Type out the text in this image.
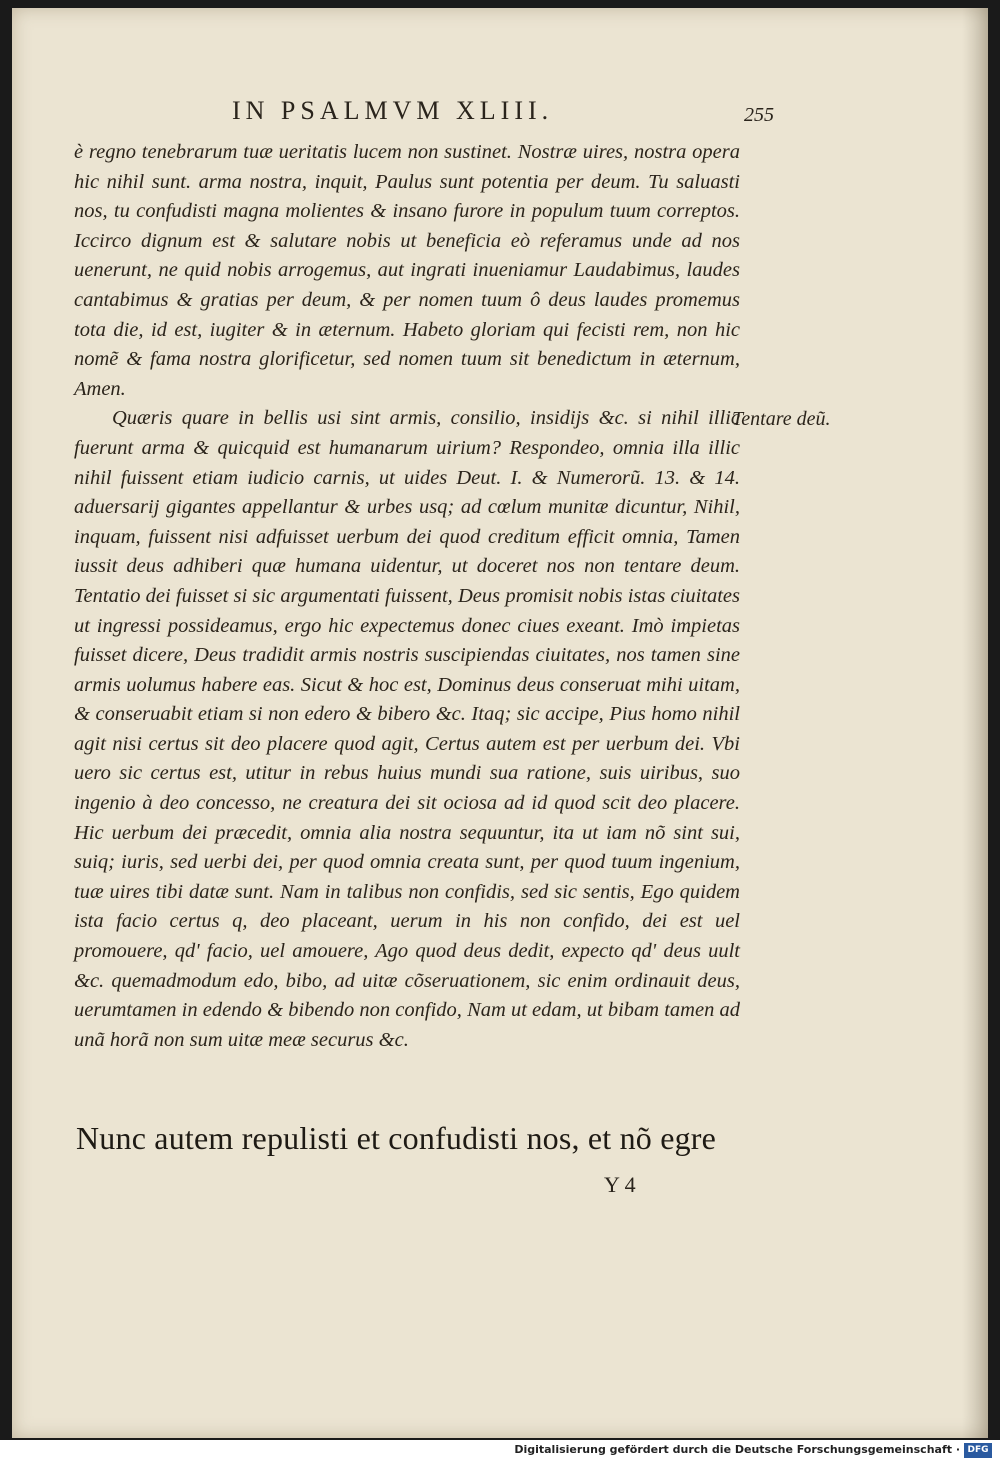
IN PSALMVM XLIII.	255

è regno tenebrarum tuæ ueritatis lucem non sustinet. Nostræ uires, nostra opera hic nihil sunt. arma nostra, inquit, Paulus sunt potentia per deum. Tu saluasti nos, tu confudisti magna molientes & insano furore in populum tuum correptos. Iccirco dignum est & salutare nobis ut beneficia eò referamus unde ad nos uenerunt, ne quid nobis arrogemus, aut ingrati inueniamur Laudabimus, laudes cantabimus & gratias per deum, & per nomen tuum ô deus laudes promemus tota die, id est, iugiter & in æternum. Habeto gloriam qui fecisti rem, non hic nomẽ & fama nostra glorificetur, sed nomen tuum sit benedictum in æternum, Amen.

Quæris quare in bellis usi sint armis, consilio, insidijs &c. si nihil illic fuerunt arma & quicquid est humanarum uirium? Respondeo, omnia illa illic nihil fuissent etiam iudicio carnis, ut uides Deut. I. & Numerorũ. 13. & 14. aduersarij gigantes appellantur & urbes usq; ad cœlum munitæ dicuntur, Nihil, inquam, fuissent nisi adfuisset uerbum dei quod creditum efficit omnia, Tamen iussit deus adhiberi quæ humana uidentur, ut doceret nos non tentare deum. Tentatio dei fuisset si sic argumentati fuissent, Deus promisit nobis istas ciuitates ut ingressi possideamus, ergo hic expectemus donec ciues exeant. Imò impietas fuisset dicere, Deus tradidit armis nostris suscipiendas ciuitates, nos tamen sine armis uolumus habere eas. Sicut & hoc est, Dominus deus conseruat mihi uitam, & conseruabit etiam si non edero & bibero &c. Itaq; sic accipe, Pius homo nihil agit nisi certus sit deo placere quod agit, Certus autem est per uerbum dei. Vbi uero sic certus est, utitur in rebus huius mundi sua ratione, suis uiribus, suo ingenio à deo concesso, ne creatura dei sit ociosa ad id quod scit deo placere. Hic uerbum dei præcedit, omnia alia nostra sequuntur, ita ut iam nõ sint sui, suiq; iuris, sed uerbi dei, per quod omnia creata sunt, per quod tuum ingenium, tuæ uires tibi datæ sunt. Nam in talibus non confidis, sed sic sentis, Ego quidem ista facio certus q, deo placeant, uerum in his non confido, dei est uel promouere, qd' facio, uel amouere, Ago quod deus dedit, expecto qd' deus uult &c. quemadmodum edo, bibo, ad uitæ cõseruationem, sic enim ordinauit deus, uerumtamen in edendo & bibendo non confido, Nam ut edam, ut bibam tamen ad unã horã non sum uitæ meæ securus &c.

Tentare deũ.
Nunc autem repulisti et confudisti nos, et nõ egre
Y 4
Digitalisierung gefördert durch die Deutsche Forschungsgemeinschaft · DFG
